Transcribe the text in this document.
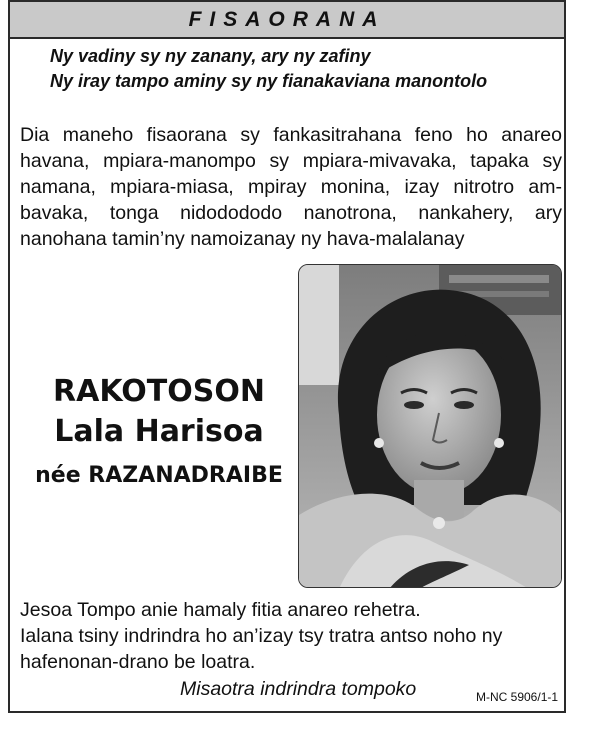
FISAORANA
Ny vadiny sy ny zanany, ary ny zafiny
Ny iray tampo aminy sy ny fianakaviana manontolo
Dia maneho fisaorana sy fankasitrahana feno ho anareo havana, mpiara-manompo sy mpiara-mivavaka, tapaka sy namana, mpiara-miasa, mpiray monina, izay nitrotro am-bavaka, tonga nidodododo nanotrona, nankahery, ary nanohana tamin’ny namoizanay ny hava-malalanay
RAKOTOSON
Lala Harisoa
née RAZANADRAIBE
Jesoa Tompo anie hamaly fitia anareo rehetra.
Ialana tsiny indrindra ho an’izay tsy tratra antso noho ny
hafenonan-drano be loatra.
Misaotra indrindra tompoko	M-NC 5906/1-1
